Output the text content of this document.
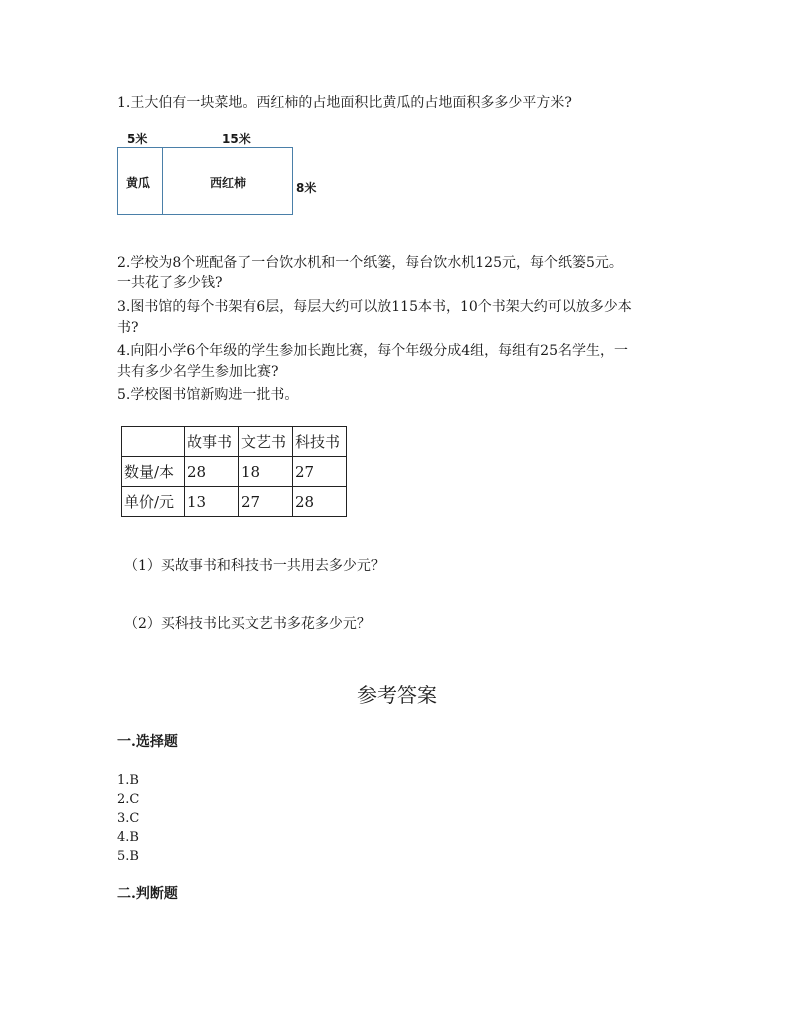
1.王大伯有一块菜地。西红柿的占地面积比黄瓜的占地面积多多少平方米?
5米	15米
黄瓜	西红柿	8米
2.学校为8个班配备了一台饮水机和一个纸篓，每台饮水机125元，每个纸篓5元。
一共花了多少钱?
3.图书馆的每个书架有6层，每层大约可以放115本书，10个书架大约可以放多少本
书?
4.向阳小学6个年级的学生参加长跑比赛，每个年级分成4组，每组有25名学生，一
共有多少名学生参加比赛?
5.学校图书馆新购进一批书。
	故事书	文艺书	科技书
数量/本	28	18	27
单价/元	13	27	28
（1）买故事书和科技书一共用去多少元？
（2）买科技书比买文艺书多花多少元？
参考答案
一.选择题
1.B
2.C
3.C
4.B
5.B
二.判断题
